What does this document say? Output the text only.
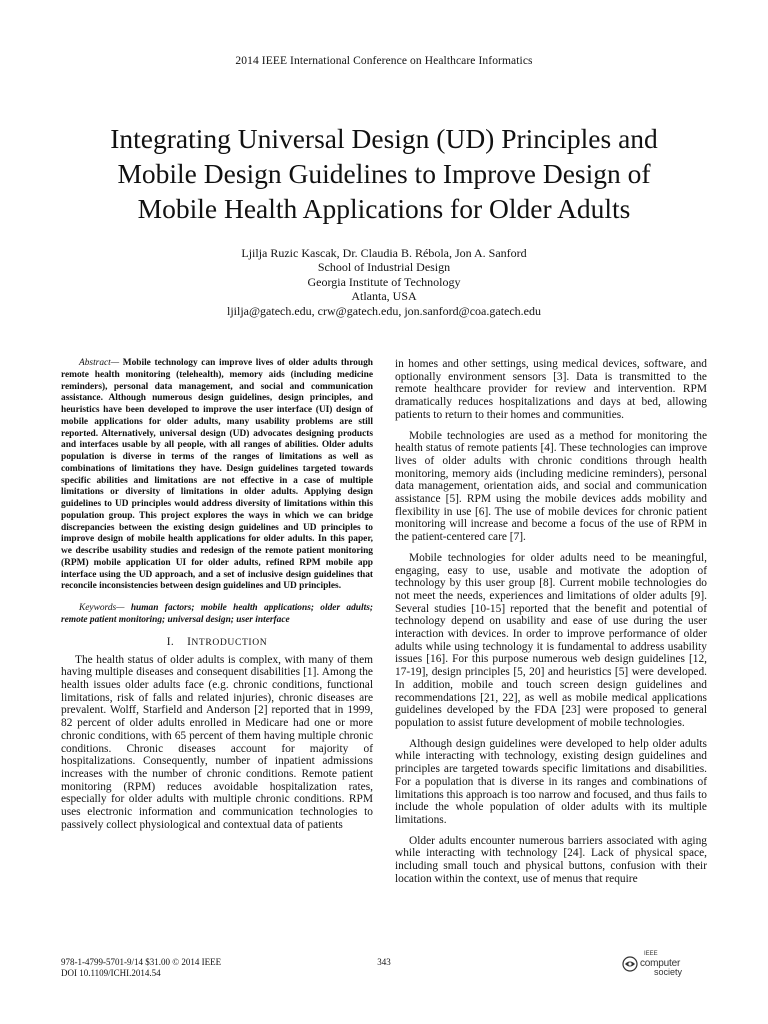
2014 IEEE International Conference on Healthcare Informatics
Integrating Universal Design (UD) Principles and
Mobile Design Guidelines to Improve Design of
Mobile Health Applications for Older Adults
Ljilja Ruzic Kascak, Dr. Claudia B. Rébola, Jon A. Sanford
School of Industrial Design
Georgia Institute of Technology
Atlanta, USA
ljilja@gatech.edu, crw@gatech.edu, jon.sanford@coa.gatech.edu

Abstract— Mobile technology can improve lives of older adults through remote health monitoring (telehealth), memory aids (including medicine reminders), personal data management, and social and communication assistance. Although numerous design guidelines, design principles, and heuristics have been developed to improve the user interface (UI) design of mobile applications for older adults, many usability problems are still reported. Alternatively, universal design (UD) advocates designing products and interfaces usable by all people, with all ranges of abilities. Older adults population is diverse in terms of the ranges of limitations as well as combinations of limitations they have. Design guidelines targeted towards specific abilities and limitations are not effective in a case of multiple limitations or diversity of limitations in older adults. Applying design guidelines to UD principles would address diversity of limitations within this population group. This project explores the ways in which we can bridge discrepancies between the existing design guidelines and UD principles to improve design of mobile health applications for older adults. In this paper, we describe usability studies and redesign of the remote patient monitoring (RPM) mobile application UI for older adults, refined RPM mobile app interface using the UD approach, and a set of inclusive design guidelines that reconcile inconsistencies between design guidelines and UD principles.

Keywords— human factors; mobile health applications; older adults; remote patient monitoring; universal design; user interface

I. INTRODUCTION

The health status of older adults is complex, with many of them having multiple diseases and consequent disabilities [1]. Among the health issues older adults face (e.g. chronic conditions, functional limitations, risk of falls and related injuries), chronic diseases are prevalent. Wolff, Starfield and Anderson [2] reported that in 1999, 82 percent of older adults enrolled in Medicare had one or more chronic conditions, with 65 percent of them having multiple chronic conditions. Chronic diseases account for majority of hospitalizations. Consequently, number of inpatient admissions increases with the number of chronic conditions. Remote patient monitoring (RPM) reduces avoidable hospitalization rates, especially for older adults with multiple chronic conditions. RPM uses electronic information and communication technologies to passively collect physiological and contextual data of patients

in homes and other settings, using medical devices, software, and optionally environment sensors [3]. Data is transmitted to the remote healthcare provider for review and intervention. RPM dramatically reduces hospitalizations and days at bed, allowing patients to return to their homes and communities.

Mobile technologies are used as a method for monitoring the health status of remote patients [4]. These technologies can improve lives of older adults with chronic conditions through health monitoring, memory aids (including medicine reminders), personal data management, orientation aids, and social and communication assistance [5]. RPM using the mobile devices adds mobility and flexibility in use [6]. The use of mobile devices for chronic patient monitoring will increase and become a focus of the use of RPM in the patient-centered care [7].

Mobile technologies for older adults need to be meaningful, engaging, easy to use, usable and motivate the adoption of technology by this user group [8]. Current mobile technologies do not meet the needs, experiences and limitations of older adults [9]. Several studies [10-15] reported that the benefit and potential of technology depend on usability and ease of use during the user interaction with devices. In order to improve performance of older adults while using technology it is fundamental to address usability issues [16]. For this purpose numerous web design guidelines [12, 17-19], design principles [5, 20] and heuristics [5] were developed. In addition, mobile and touch screen design guidelines and recommendations [21, 22], as well as mobile medical applications guidelines developed by the FDA [23] were proposed to general population to assist future development of mobile technologies.

Although design guidelines were developed to help older adults while interacting with technology, existing design guidelines and principles are targeted towards specific limitations and disabilities. For a population that is diverse in its ranges and combinations of limitations this approach is too narrow and focused, and thus fails to include the whole population of older adults with its multiple limitations.

Older adults encounter numerous barriers associated with aging while interacting with technology [24]. Lack of physical space, including small touch and physical buttons, confusion with their location within the context, use of menus that require

978-1-4799-5701-9/14 $31.00 © 2014 IEEE
DOI 10.1109/ICHI.2014.54
343
IEEE
computer
society
